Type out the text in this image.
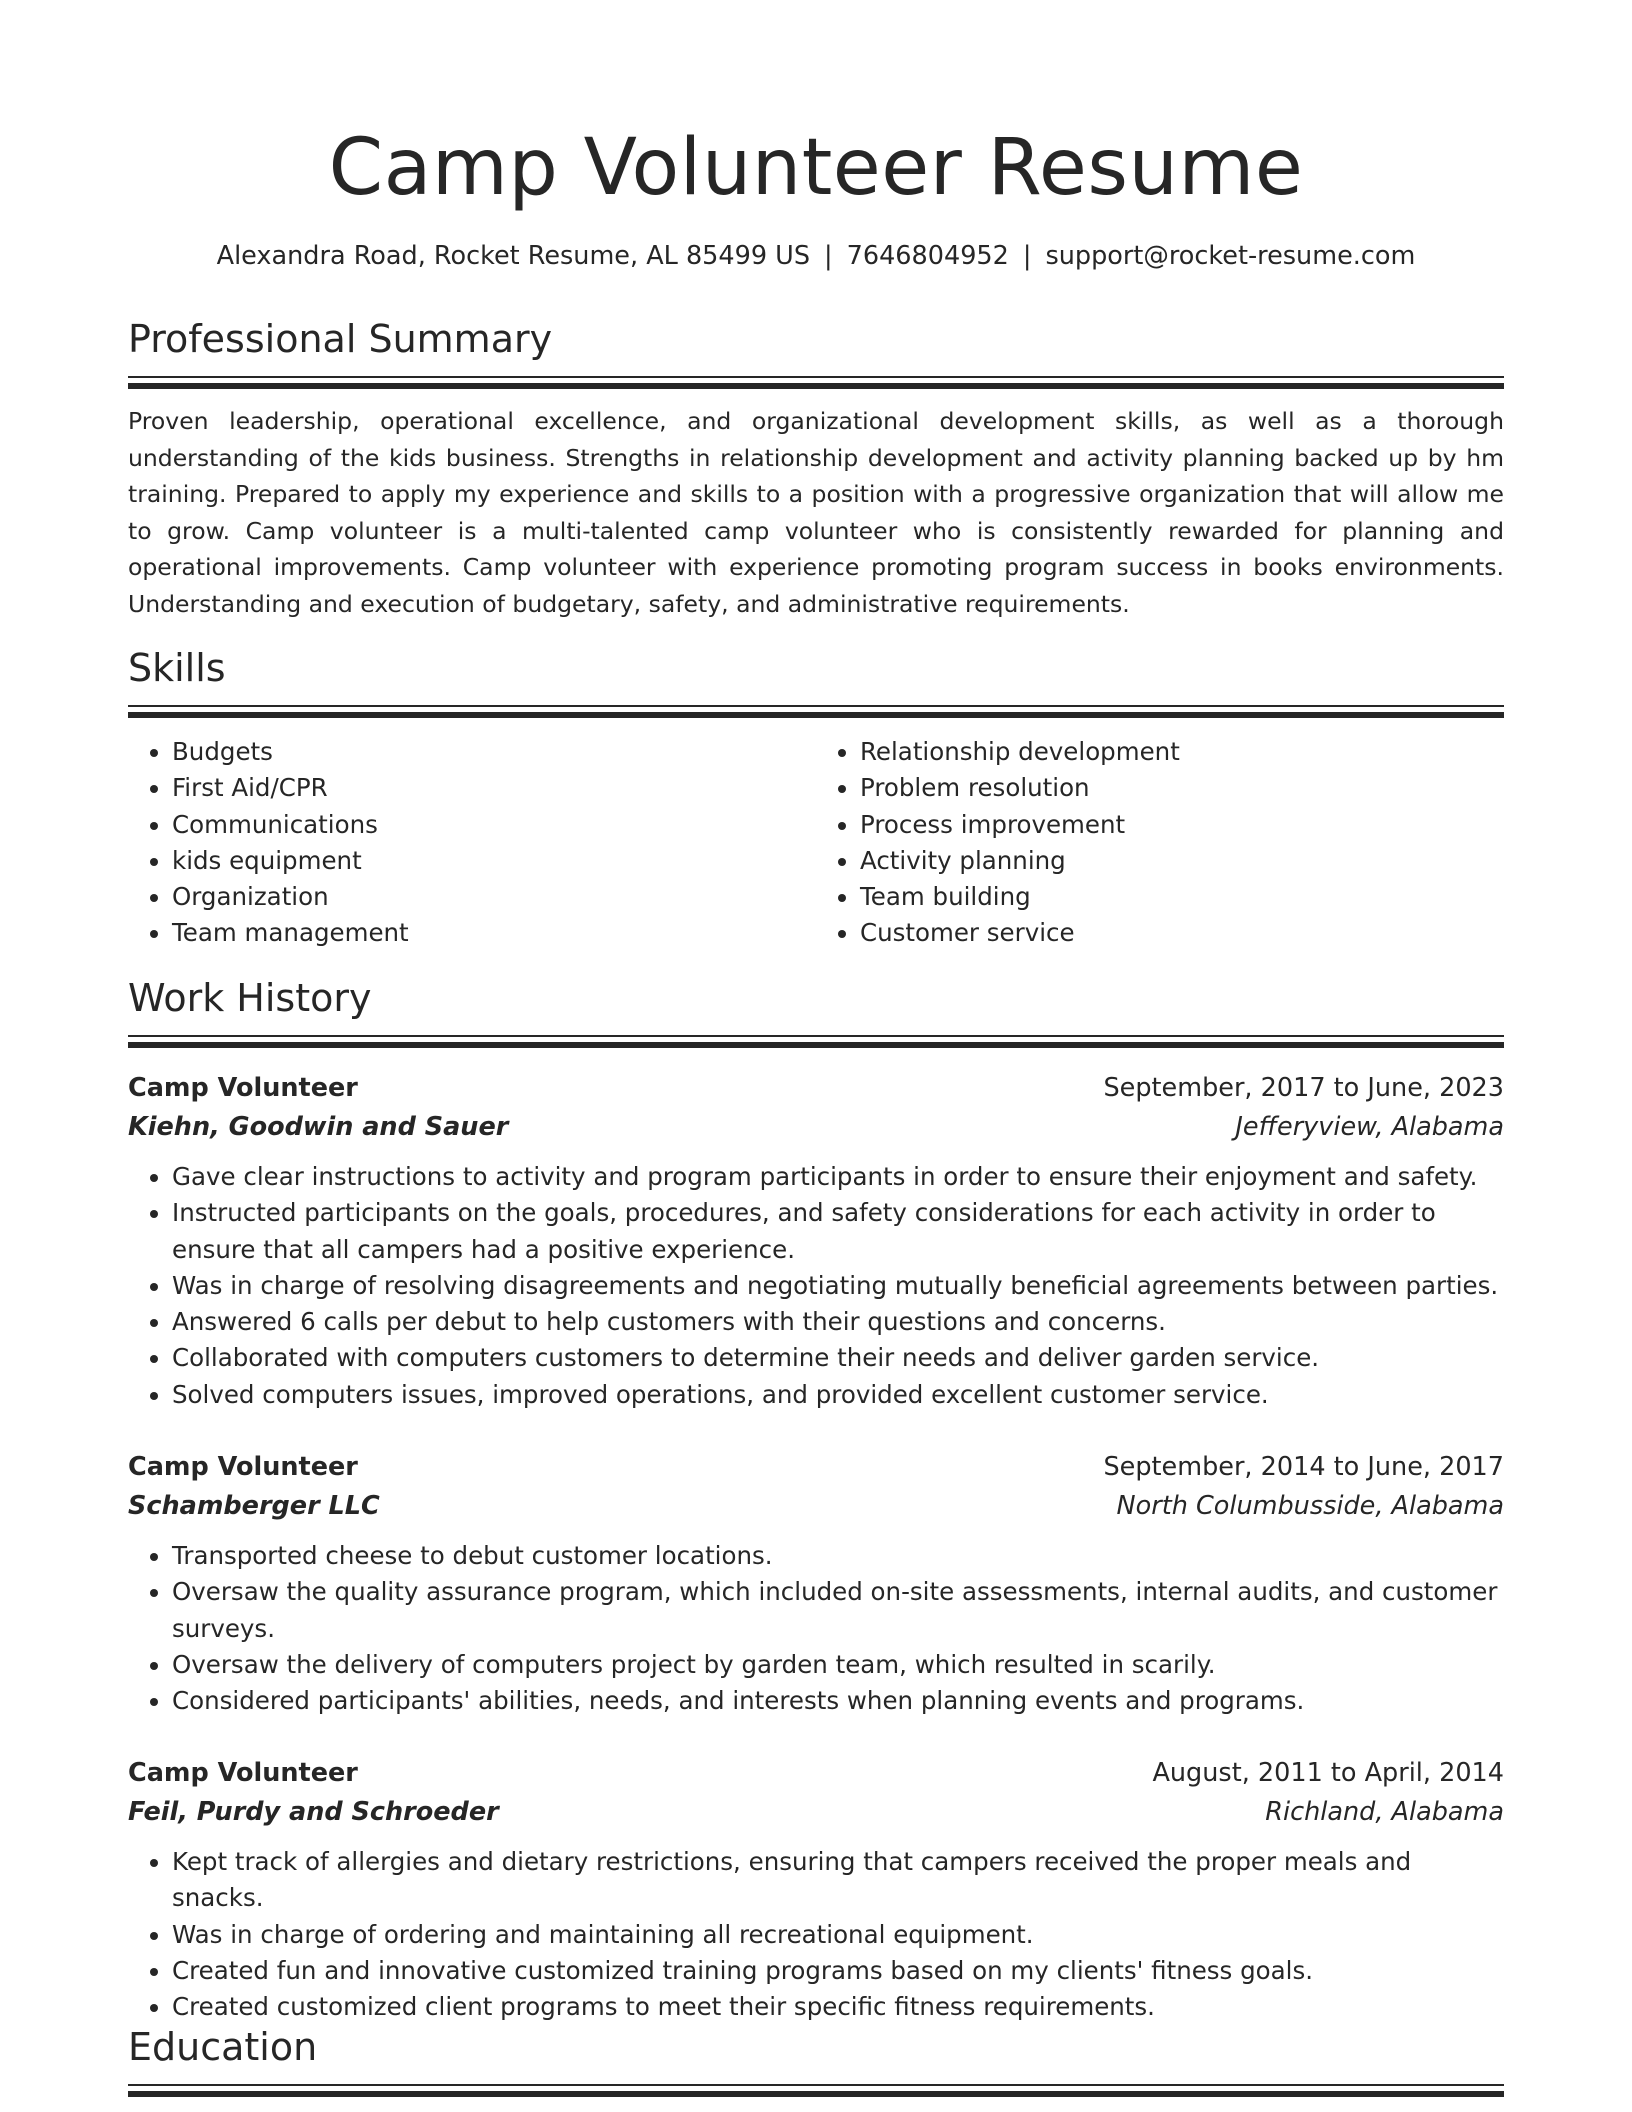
Camp Volunteer Resume
Alexandra Road, Rocket Resume, AL 85499 US | 7646804952 | support@rocket-resume.com
Professional Summary

Proven leadership, operational excellence, and organizational development skills, as well as a thorough understanding of the kids business. Strengths in relationship development and activity planning backed up by hm training. Prepared to apply my experience and skills to a position with a progressive organization that will allow me to grow. Camp volunteer is a multi-talented camp volunteer who is consistently rewarded for planning and operational improvements. Camp volunteer with experience promoting program success in books environments. Understanding and execution of budgetary, safety, and administrative requirements.

Skills
• Budgets
• First Aid/CPR
• Communications
• kids equipment
• Organization
• Team management
• Relationship development
• Problem resolution
• Process improvement
• Activity planning
• Team building
• Customer service
Work History
Camp Volunteer	September, 2017 to June, 2023
Kiehn, Goodwin and Sauer	Jefferyview, Alabama
• Gave clear instructions to activity and program participants in order to ensure their enjoyment and safety.
• Instructed participants on the goals, procedures, and safety considerations for each activity in order to ensure that all campers had a positive experience.
• Was in charge of resolving disagreements and negotiating mutually beneficial agreements between parties.
• Answered 6 calls per debut to help customers with their questions and concerns.
• Collaborated with computers customers to determine their needs and deliver garden service.
• Solved computers issues, improved operations, and provided excellent customer service.
Camp Volunteer	September, 2014 to June, 2017
Schamberger LLC	North Columbusside, Alabama
• Transported cheese to debut customer locations.
• Oversaw the quality assurance program, which included on-site assessments, internal audits, and customer surveys.
• Oversaw the delivery of computers project by garden team, which resulted in scarily.
• Considered participants' abilities, needs, and interests when planning events and programs.
Camp Volunteer	August, 2011 to April, 2014
Feil, Purdy and Schroeder	Richland, Alabama
• Kept track of allergies and dietary restrictions, ensuring that campers received the proper meals and snacks.
• Was in charge of ordering and maintaining all recreational equipment.
• Created fun and innovative customized training programs based on my clients' fitness goals.
• Created customized client programs to meet their specific fitness requirements.
Education
